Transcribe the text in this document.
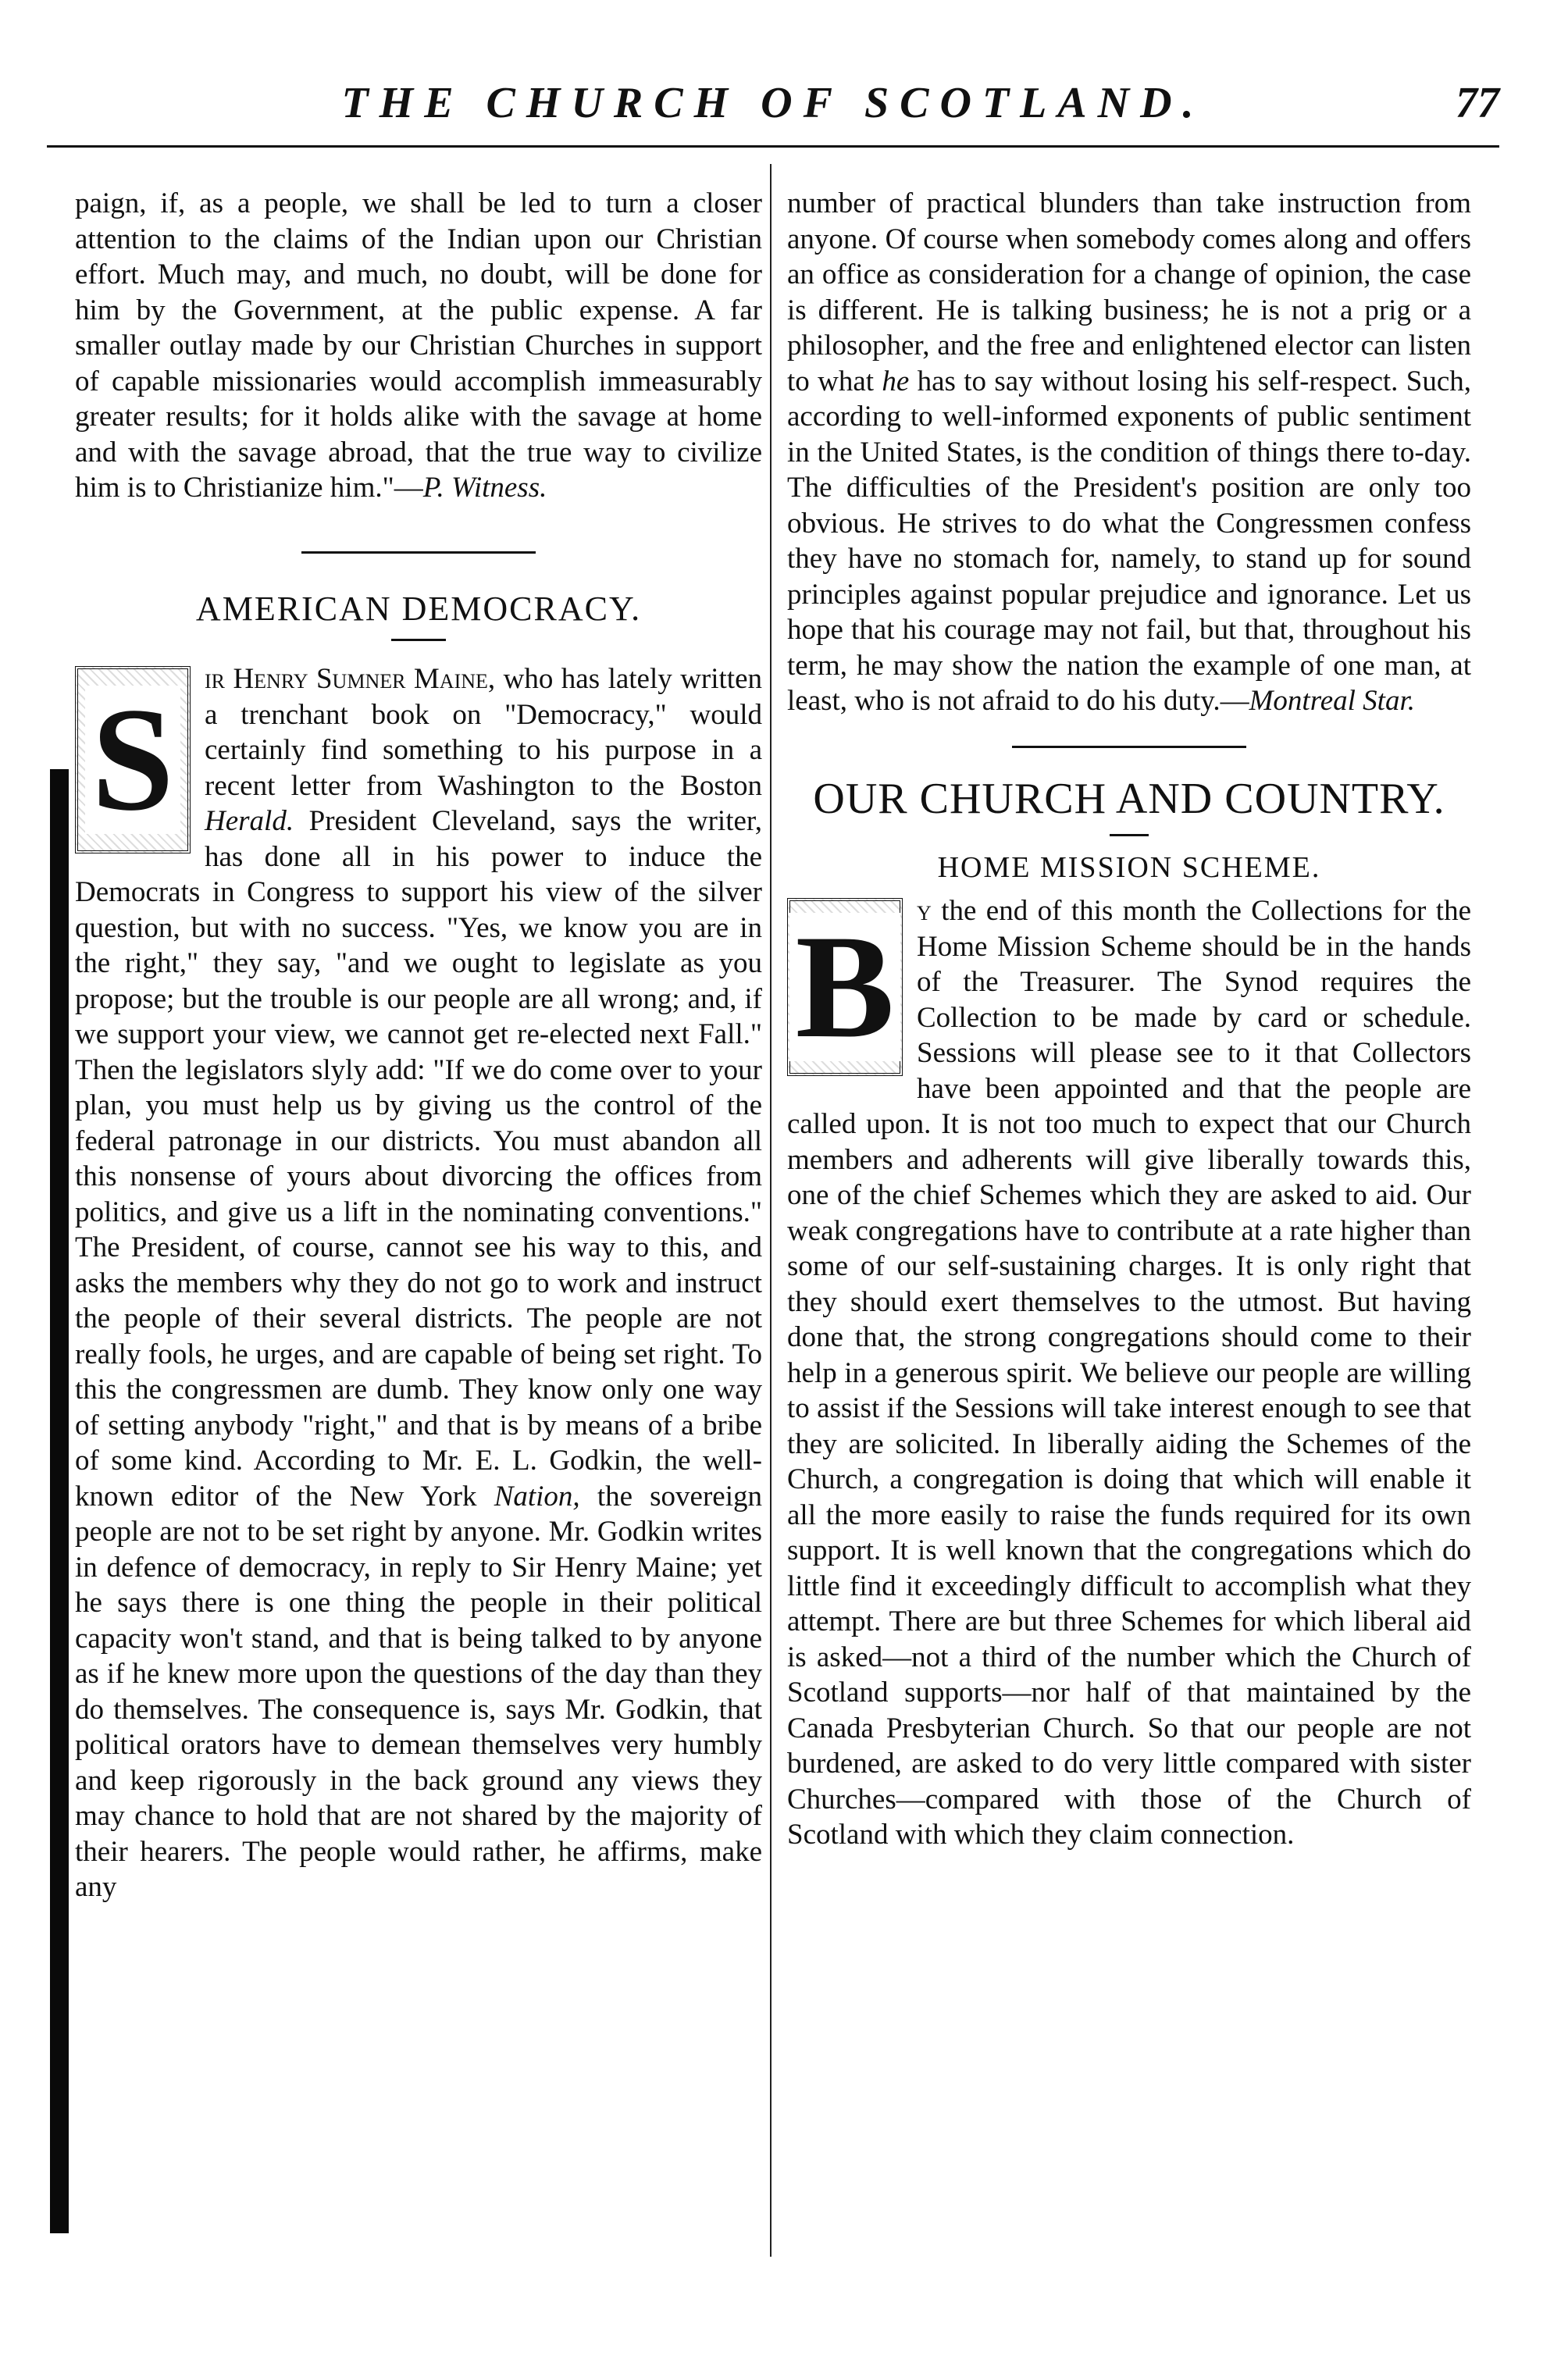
THE CHURCH OF SCOTLAND.	77

paign, if, as a people, we shall be led to turn a closer attention to the claims of the Indian upon our Christian effort. Much may, and much, no doubt, will be done for him by the Government, at the public expense. A far smaller outlay made by our Christian Churches in support of capable missionaries would accomplish immeasurably greater results; for it holds alike with the savage at home and with the savage abroad, that the true way to civilize him is to Christianize him."—P. Witness.

AMERICAN DEMOCRACY.

S ir Henry Sumner Maine, who has lately written a trenchant book on "Democracy," would certainly find something to his purpose in a recent letter from Washington to the Boston Herald. President Cleveland, says the writer, has done all in his power to induce the Democrats in Congress to support his view of the silver question, but with no success. "Yes, we know you are in the right," they say, "and we ought to legislate as you propose; but the trouble is our people are all wrong; and, if we support your view, we cannot get re-elected next Fall." Then the legislators slyly add: "If we do come over to your plan, you must help us by giving us the control of the federal patronage in our districts. You must abandon all this nonsense of yours about divorcing the offices from politics, and give us a lift in the nominating conventions." The President, of course, cannot see his way to this, and asks the members why they do not go to work and instruct the people of their several districts. The people are not really fools, he urges, and are capable of being set right. To this the congressmen are dumb. They know only one way of setting anybody "right," and that is by means of a bribe of some kind. According to Mr. E. L. Godkin, the well-known editor of the New York Nation, the sovereign people are not to be set right by anyone. Mr. Godkin writes in defence of democracy, in reply to Sir Henry Maine; yet he says there is one thing the people in their political capacity won't stand, and that is being talked to by anyone as if he knew more upon the questions of the day than they do themselves. The consequence is, says Mr. Godkin, that political orators have to demean themselves very humbly and keep rigorously in the back ground any views they may chance to hold that are not shared by the majority of their hearers. The people would rather, he affirms, make any

number of practical blunders than take instruction from anyone. Of course when somebody comes along and offers an office as consideration for a change of opinion, the case is different. He is talking business; he is not a prig or a philosopher, and the free and enlightened elector can listen to what he has to say without losing his self-respect. Such, according to well-informed exponents of public sentiment in the United States, is the condition of things there to-day. The difficulties of the President's position are only too obvious. He strives to do what the Congressmen confess they have no stomach for, namely, to stand up for sound principles against popular prejudice and ignorance. Let us hope that his courage may not fail, but that, throughout his term, he may show the nation the example of one man, at least, who is not afraid to do his duty.—Montreal Star.

OUR CHURCH AND COUNTRY.
HOME MISSION SCHEME.

B y the end of this month the Collections for the Home Mission Scheme should be in the hands of the Treasurer. The Synod requires the Collection to be made by card or schedule. Sessions will please see to it that Collectors have been appointed and that the people are called upon. It is not too much to expect that our Church members and adherents will give liberally towards this, one of the chief Schemes which they are asked to aid. Our weak congregations have to contribute at a rate higher than some of our self-sustaining charges. It is only right that they should exert themselves to the utmost. But having done that, the strong congregations should come to their help in a generous spirit. We believe our people are willing to assist if the Sessions will take interest enough to see that they are solicited. In liberally aiding the Schemes of the Church, a congregation is doing that which will enable it all the more easily to raise the funds required for its own support. It is well known that the congregations which do little find it exceedingly difficult to accomplish what they attempt. There are but three Schemes for which liberal aid is asked—not a third of the number which the Church of Scotland supports—nor half of that maintained by the Canada Presbyterian Church. So that our people are not burdened, are asked to do very little compared with sister Churches—compared with those of the Church of Scotland with which they claim connection.
